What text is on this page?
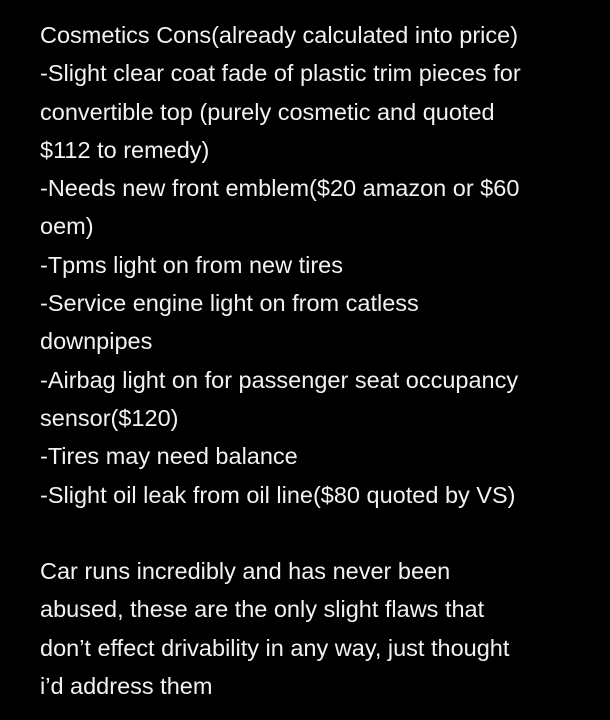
Cosmetics Cons(already calculated into price)
-Slight clear coat fade of plastic trim pieces for
convertible top (purely cosmetic and quoted
$112 to remedy)
-Needs new front emblem($20 amazon or $60
oem)
-Tpms light on from new tires
-Service engine light on from catless
downpipes
-Airbag light on for passenger seat occupancy
sensor($120)
-Tires may need balance
-Slight oil leak from oil line($80 quoted by VS)
Car runs incredibly and has never been
abused, these are the only slight flaws that
don’t effect drivability in any way, just thought
i’d address them
